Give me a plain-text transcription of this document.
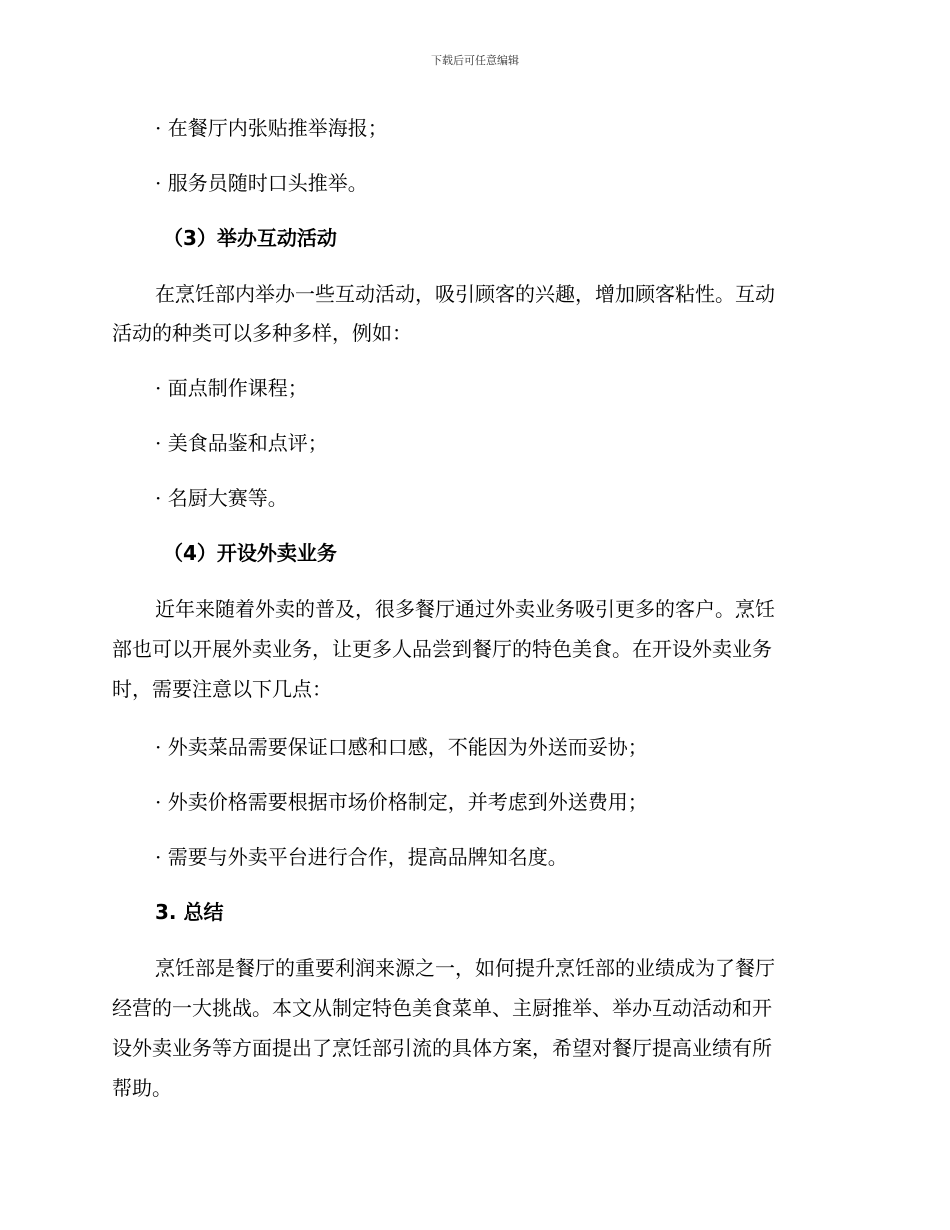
下载后可任意编辑
· 在餐厅内张贴推举海报；
· 服务员随时口头推举。
（3）举办互动活动
在烹饪部内举办一些互动活动，吸引顾客的兴趣，增加顾客粘性。互动
活动的种类可以多种多样，例如：
· 面点制作课程；
· 美食品鉴和点评；
· 名厨大赛等。
（4）开设外卖业务
近年来随着外卖的普及，很多餐厅通过外卖业务吸引更多的客户。烹饪
部也可以开展外卖业务，让更多人品尝到餐厅的特色美食。在开设外卖业务
时，需要注意以下几点：
· 外卖菜品需要保证口感和口感，不能因为外送而妥协；
· 外卖价格需要根据市场价格制定，并考虑到外送费用；
· 需要与外卖平台进行合作，提高品牌知名度。
3. 总结
烹饪部是餐厅的重要利润来源之一，如何提升烹饪部的业绩成为了餐厅
经营的一大挑战。本文从制定特色美食菜单、主厨推举、举办互动活动和开
设外卖业务等方面提出了烹饪部引流的具体方案，希望对餐厅提高业绩有所
帮助。
